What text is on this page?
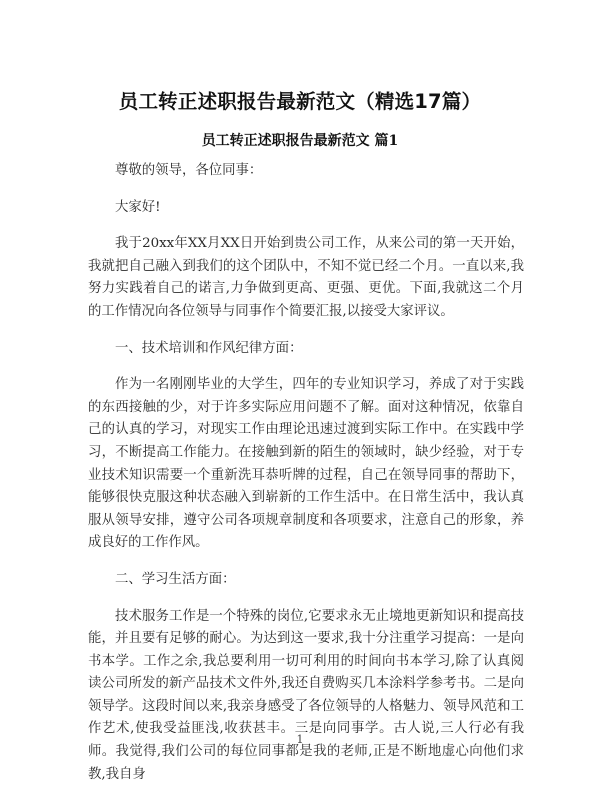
员工转正述职报告最新范文（精选17篇）
员工转正述职报告最新范文 篇1

尊敬的领导，各位同事：

大家好!

我于20xx年XX月XX日开始到贵公司工作，从来公司的第一天开始，我就把自己融入到我们的这个团队中，不知不觉已经二个月。一直以来,我努力实践着自己的诺言,力争做到更高、更强、更优。下面,我就这二个月的工作情况向各位领导与同事作个简要汇报,以接受大家评议。

一、技术培训和作风纪律方面：

作为一名刚刚毕业的大学生，四年的专业知识学习，养成了对于实践的东西接触的少，对于许多实际应用问题不了解。面对这种情况，依靠自己的认真的学习，对现实工作由理论迅速过渡到实际工作中。在实践中学习，不断提高工作能力。在接触到新的陌生的领域时，缺少经验，对于专业技术知识需要一个重新洗耳恭听牌的过程，自己在领导同事的帮助下，能够很快克服这种状态融入到崭新的工作生活中。在日常生活中，我认真服从领导安排，遵守公司各项规章制度和各项要求，注意自己的形象，养成良好的工作作风。

二、学习生活方面：

技术服务工作是一个特殊的岗位,它要求永无止境地更新知识和提高技能，并且要有足够的耐心。为达到这一要求,我十分注重学习提高：一是向书本学。工作之余,我总要利用一切可利用的时间向书本学习,除了认真阅读公司所发的新产品技术文件外,我还自费购买几本涂料学参考书。二是向领导学。这段时间以来,我亲身感受了各位领导的人格魅力、领导风范和工作艺术,使我受益匪浅,收获甚丰。三是向同事学。古人说,三人行必有我师。我觉得,我们公司的每位同事都是我的老师,正是不断地虚心向他们求教,我自身

1
